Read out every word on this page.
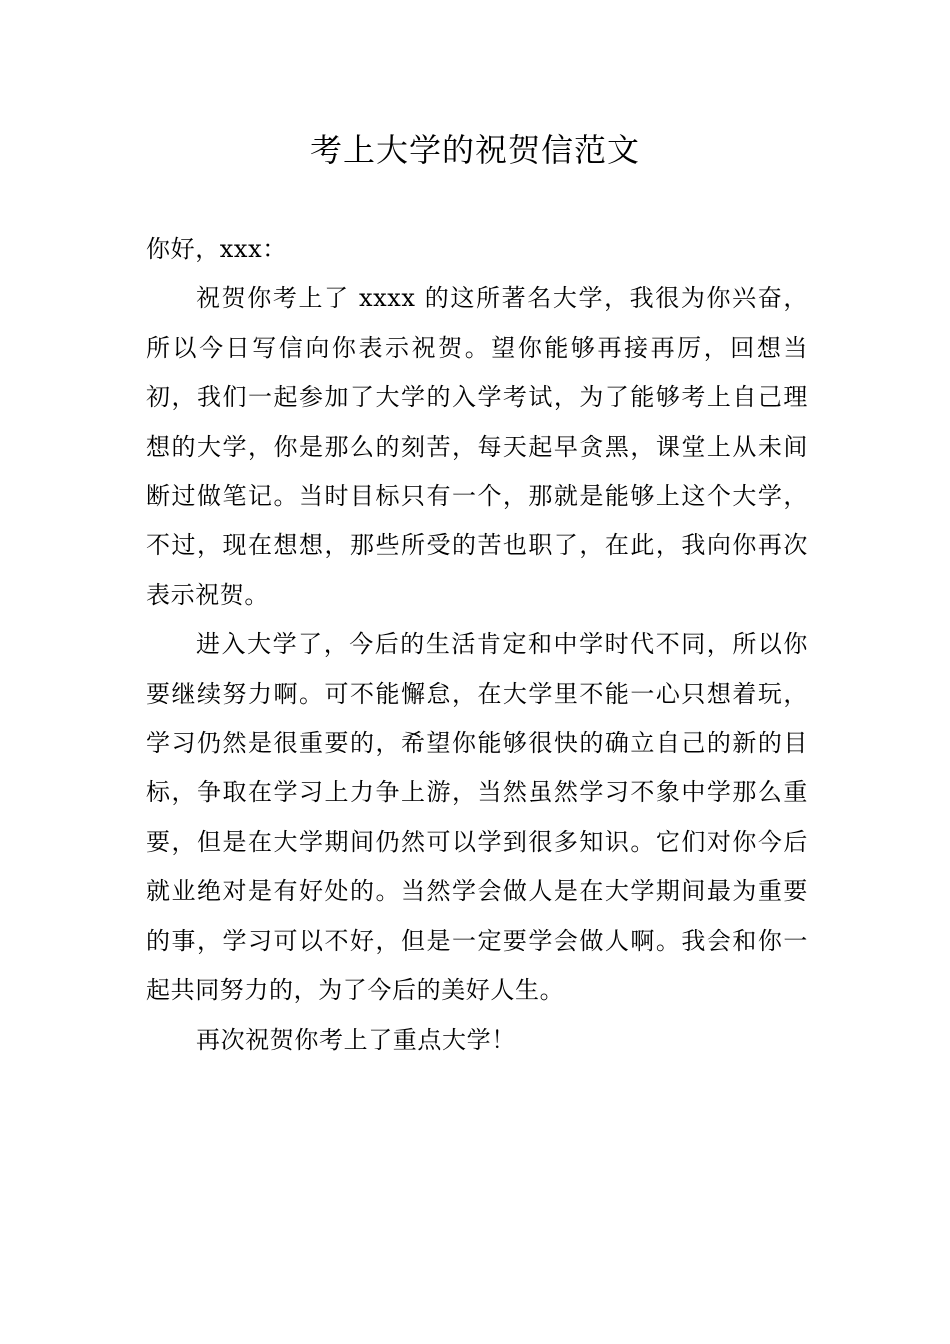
考上大学的祝贺信范文

你好，xxx：

祝贺你考上了 xxxx 的这所著名大学，我很为你兴奋，所以今日写信向你表示祝贺。望你能够再接再厉，回想当初，我们一起参加了大学的入学考试，为了能够考上自己理想的大学，你是那么的刻苦，每天起早贪黑，课堂上从未间断过做笔记。当时目标只有一个，那就是能够上这个大学，不过，现在想想，那些所受的苦也职了，在此，我向你再次表示祝贺。

进入大学了，今后的生活肯定和中学时代不同，所以你要继续努力啊。可不能懈怠，在大学里不能一心只想着玩，学习仍然是很重要的，希望你能够很快的确立自己的新的目标，争取在学习上力争上游，当然虽然学习不象中学那么重要，但是在大学期间仍然可以学到很多知识。它们对你今后就业绝对是有好处的。当然学会做人是在大学期间最为重要的事，学习可以不好，但是一定要学会做人啊。我会和你一起共同努力的，为了今后的美好人生。

再次祝贺你考上了重点大学！
